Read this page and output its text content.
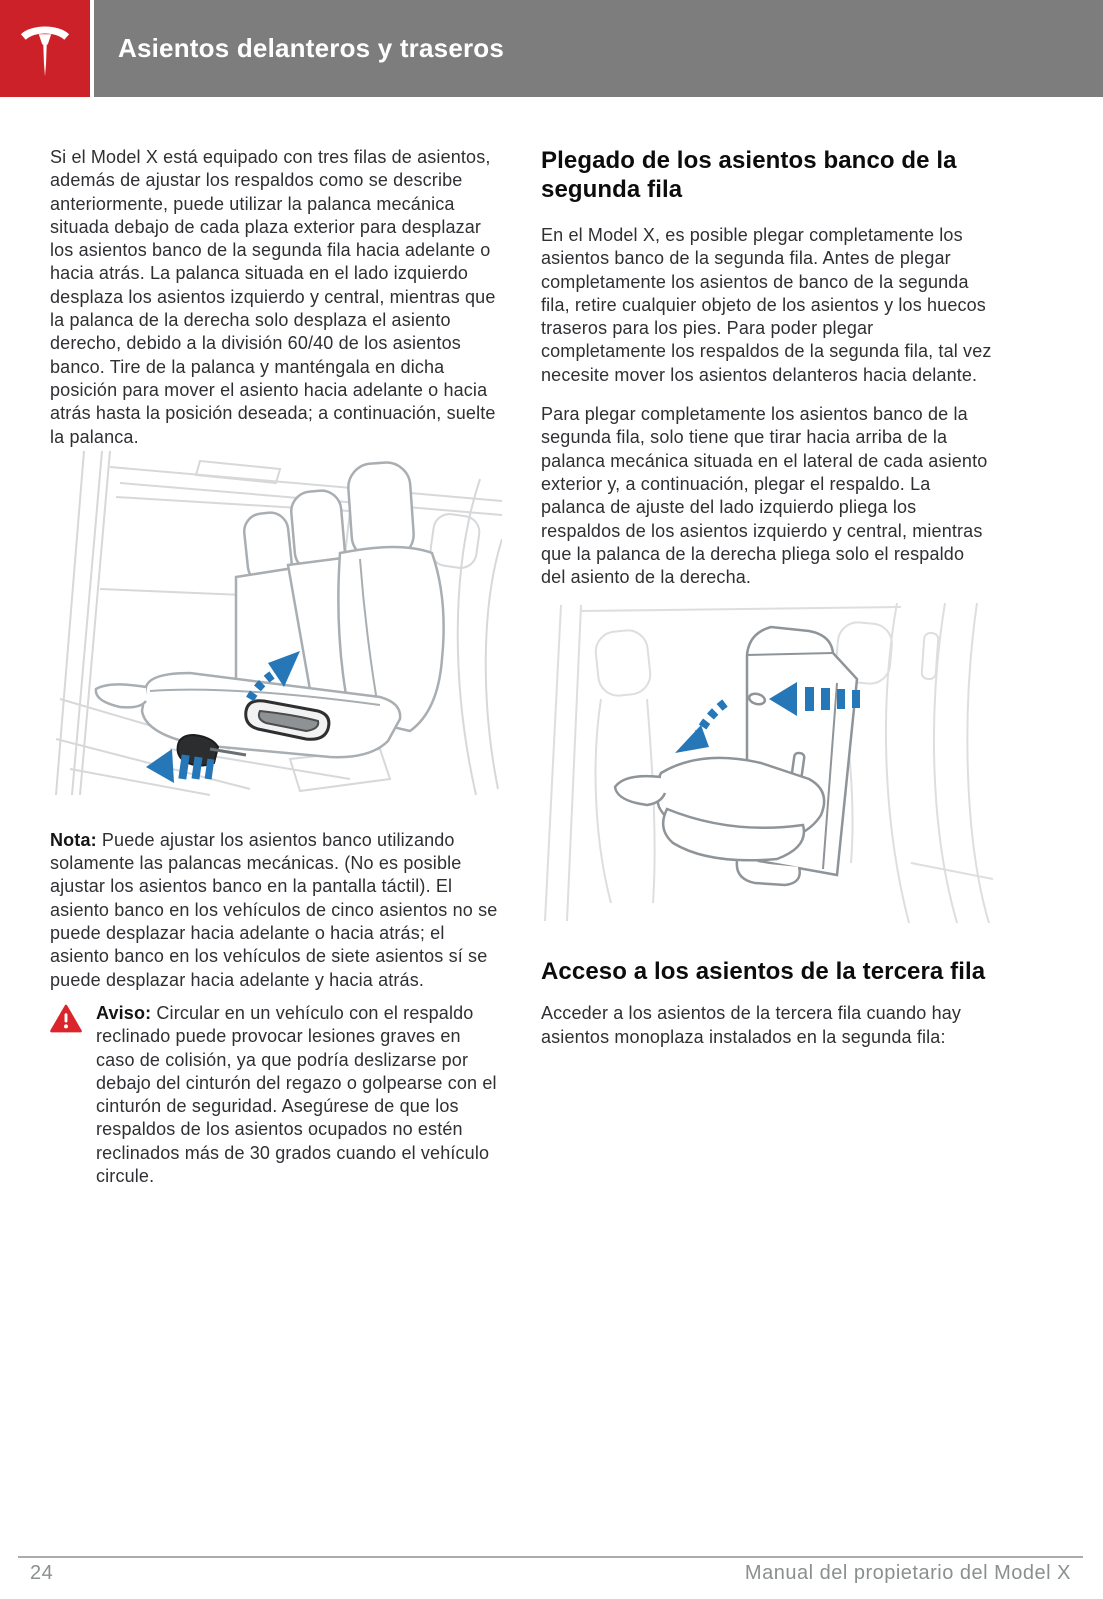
Asientos delanteros y traseros

Si el Model X está equipado con tres filas de asientos, además de ajustar los respaldos como se describe anteriormente, puede utilizar la palanca mecánica situada debajo de cada plaza exterior para desplazar los asientos banco de la segunda fila hacia adelante o hacia atrás. La palanca situada en el lado izquierdo desplaza los asientos izquierdo y central, mientras que la palanca de la derecha solo desplaza el asiento derecho, debido a la división 60/40 de los asientos banco. Tire de la palanca y manténgala en dicha posición para mover el asiento hacia adelante o hacia atrás hasta la posición deseada; a continuación, suelte la palanca.

Nota: Puede ajustar los asientos banco utilizando solamente las palancas mecánicas. (No es posible ajustar los asientos banco en la pantalla táctil). El asiento banco en los vehículos de cinco asientos no se puede desplazar hacia adelante o hacia atrás; el asiento banco en los vehículos de siete asientos sí se puede desplazar hacia adelante y hacia atrás.

Aviso: Circular en un vehículo con el respaldo reclinado puede provocar lesiones graves en caso de colisión, ya que podría deslizarse por debajo del cinturón del regazo o golpearse con el cinturón de seguridad. Asegúrese de que los respaldos de los asientos ocupados no estén reclinados más de 30 grados cuando el vehículo circule.

Plegado de los asientos banco de la segunda fila

En el Model X, es posible plegar completamente los asientos banco de la segunda fila. Antes de plegar completamente los asientos de banco de la segunda fila, retire cualquier objeto de los asientos y los huecos traseros para los pies. Para poder plegar completamente los respaldos de la segunda fila, tal vez necesite mover los asientos delanteros hacia delante.

Para plegar completamente los asientos banco de la segunda fila, solo tiene que tirar hacia arriba de la palanca mecánica situada en el lateral de cada asiento exterior y, a continuación, plegar el respaldo. La palanca de ajuste del lado izquierdo pliega los respaldos de los asientos izquierdo y central, mientras que la palanca de la derecha pliega solo el respaldo del asiento de la derecha.

Acceso a los asientos de la tercera fila

Acceder a los asientos de la tercera fila cuando hay asientos monoplaza instalados en la segunda fila:

24	Manual del propietario del Model X
